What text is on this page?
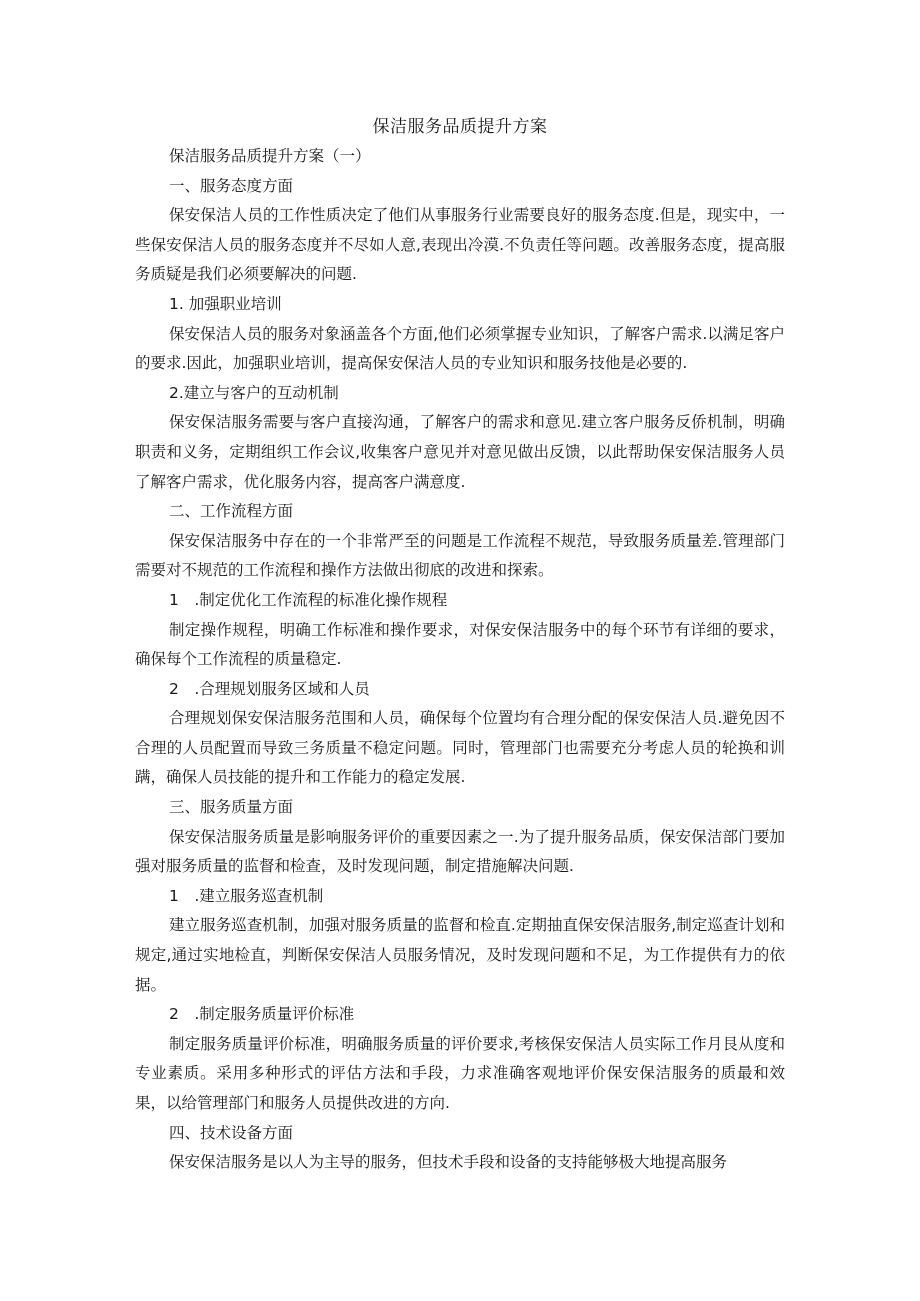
保洁服务品质提升方案

保洁服务品质提升方案（一）

一、服务态度方面

保安保洁人员的工作性质决定了他们从事服务行业需要良好的服务态度.但是，现实中，一些保安保洁人员的服务态度并不尽如人意,表现出冷漠.不负责任等问题。改善服务态度，提高服务质疑是我们必须要解决的问题.

1. 加强职业培训

保安保洁人员的服务对象涵盖各个方面,他们必须掌握专业知识，了解客户需求.以满足客户的要求.因此，加强职业培训，提高保安保洁人员的专业知识和服务技他是必要的.

2.建立与客户的互动机制

保安保洁服务需要与客户直接沟通，了解客户的需求和意见.建立客户服务反侨机制，明确职责和义务，定期组织工作会议,收集客户意见并对意见做出反馈，以此帮助保安保洁服务人员了解客户需求，优化服务内容，提高客户满意度.

二、工作流程方面

保安保洁服务中存在的一个非常严至的问题是工作流程不规范，导致服务质量差.管理部门需要对不规范的工作流程和操作方法做出彻底的改进和探索。

1　.制定优化工作流程的标准化操作规程

制定操作规程，明确工作标准和操作要求，对保安保洁服务中的每个环节有详细的要求，确保每个工作流程的质量稳定.

2　.合理规划服务区域和人员

合理规划保安保洁服务范围和人员，确保每个位置均有合理分配的保安保洁人员.避免因不合理的人员配置而导致三务质量不稳定问题。同时，管理部门也需要充分考虑人员的轮换和训蹒，确保人员技能的提升和工作能力的稳定发展.

三、服务质量方面

保安保洁服务质量是影响服务评价的重要因素之一.为了提升服务品质，保安保洁部门要加强对服务质量的监督和检查，及时发现问题，制定措施解决问题.

1　.建立服务巡查机制

建立服务巡查机制，加强对服务质量的监督和检直.定期抽直保安保洁服务,制定巡查计划和规定,通过实地检直，判断保安保洁人员服务情况，及时发现问题和不足，为工作提供有力的依据。

2　.制定服务质量评价标准

制定服务质量评价标准，明确服务质量的评价要求,考核保安保洁人员实际工作月艮从度和专业素质。采用多种形式的评估方法和手段，力求准确客观地评价保安保洁服务的质最和效果，以给管理部门和服务人员提供改进的方向.

四、技术设备方面

保安保洁服务是以人为主导的服务，但技术手段和设备的支持能够极大地提高服务
